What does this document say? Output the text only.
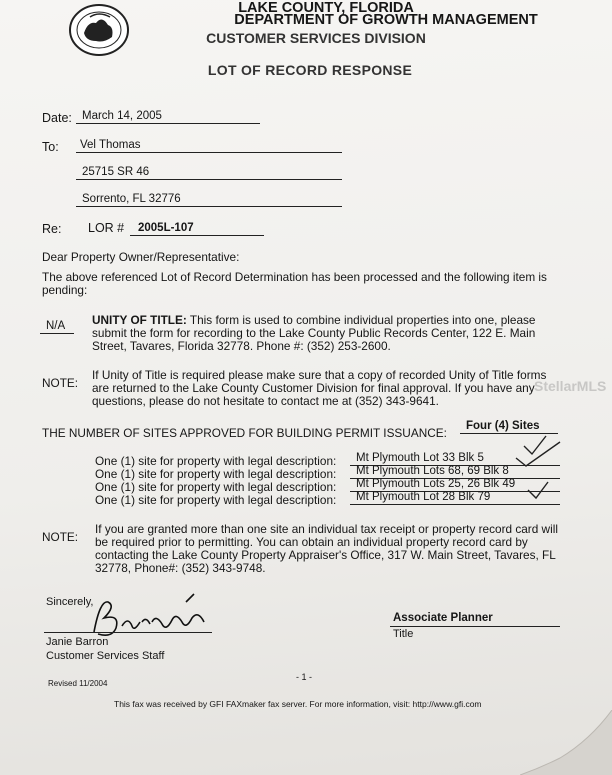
LAKE COUNTY, FLORIDA
DEPARTMENT OF GROWTH MANAGEMENT
CUSTOMER SERVICES DIVISION
LOT OF RECORD RESPONSE
Date: March 14, 2005
To: Vel Thomas
25715 SR 46
Sorrento, FL 32776
Re: LOR # 2005L-107
Dear Property Owner/Representative:
The above referenced Lot of Record Determination has been processed and the following item is pending:
N/A UNITY OF TITLE: This form is used to combine individual properties into one, please submit the form for recording to the Lake County Public Records Center, 122 E. Main Street, Tavares, Florida 32778. Phone #: (352) 253-2600.
NOTE:
If Unity of Title is required please make sure that a copy of recorded Unity of Title forms are returned to the Lake County Customer Division for final approval. If you have any questions, please do not hesitate to contact me at (352) 343-9641.
THE NUMBER OF SITES APPROVED FOR BUILDING PERMIT ISSUANCE: Four (4) Sites
One (1) site for property with legal description:	Mt Plymouth Lot 33 Blk 5
One (1) site for property with legal description:	Mt Plymouth Lots 68, 69 Blk 8
One (1) site for property with legal description:	Mt Plymouth Lots 25, 26 Blk 49
One (1) site for property with legal description:	Mt Plymouth Lot 28 Blk 79
NOTE:
If you are granted more than one site an individual tax receipt or property record card will be required prior to permitting. You can obtain an individual property record card by contacting the Lake County Property Appraiser's Office, 317 W. Main Street, Tavares, FL 32778, Phone#: (352) 343-9748.
Sincerely,
Janie Barron
Customer Services Staff
Associate Planner
Title
StellarMLS
Revised 11/2004
- 1 -
This fax was received by GFI FAXmaker fax server. For more information, visit: http://www.gfi.com
